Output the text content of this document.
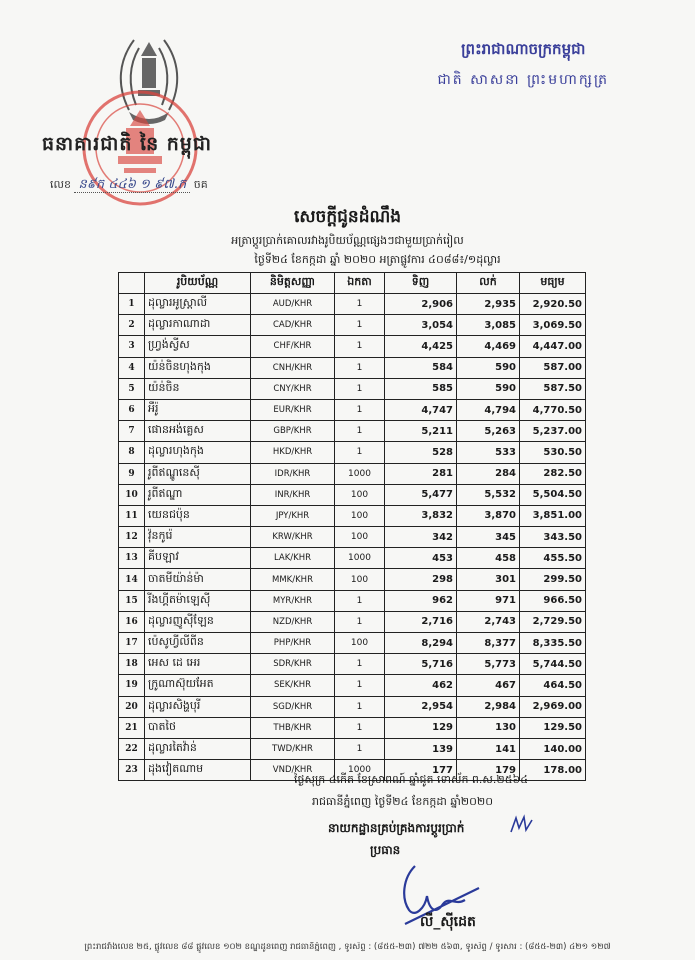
ធនាគារជាតិ នៃ កម្ពុជា
លេខ ន៩ក ៤៤៦ ១ ៩៧.ក ចគ
ព្រះរាជាណាចក្រកម្ពុជា
ជាតិ សាសនា ព្រះមហាក្សត្រ
សេចក្តីជូនដំណឹង
អត្រាប្តូរប្រាក់គោលរវាងរូបិយប័ណ្ណផ្សេងៗជាមួយប្រាក់រៀល
ថ្ងៃទី២៤ ខែកក្កដា ឆ្នាំ ២០២០ អត្រាផ្លូវការ ៤០៨៨៖/១ដុល្លារ
	រូបិយប័ណ្ណ	និមិត្តសញ្ញា	ឯកតា	ទិញ	លក់	មធ្យម
1	ដុល្លារអូស្ត្រាលី	AUD/KHR	1	2,906	2,935	2,920.50
2	ដុល្លារកាណាដា	CAD/KHR	1	3,054	3,085	3,069.50
3	ហ្វ្រង់ស្វីស	CHF/KHR	1	4,425	4,469	4,447.00
4	យ៉ន់ចិនហុងកុង	CNH/KHR	1	584	590	587.00
5	យ៉ន់ចិន	CNY/KHR	1	585	590	587.50
6	អឺរ៉ូ	EUR/KHR	1	4,747	4,794	4,770.50
7	ផោនអង់គ្លេស	GBP/KHR	1	5,211	5,263	5,237.00
8	ដុល្លារហុងកុង	HKD/KHR	1	528	533	530.50
9	រូពីឥណ្ឌូនេស៊ី	IDR/KHR	1000	281	284	282.50
10	រូពីឥណ្ឌា	INR/KHR	100	5,477	5,532	5,504.50
11	យេនជប៉ុន	JPY/KHR	100	3,832	3,870	3,851.00
12	វ៉ុនកូរ៉េ	KRW/KHR	100	342	345	343.50
13	គីបឡាវ	LAK/KHR	1000	453	458	455.50
14	ចាតមីយ៉ាន់ម៉ា	MMK/KHR	100	298	301	299.50
15	រីងហ្គីតម៉ាឡេស៊ី	MYR/KHR	1	962	971	966.50
16	ដុល្លារញូស៊ីឡែន	NZD/KHR	1	2,716	2,743	2,729.50
17	ប៉េសូហ្វីលីពីន	PHP/KHR	100	8,294	8,377	8,335.50
18	អេស ដេ អេរ	SDR/KHR	1	5,716	5,773	5,744.50
19	ក្រូណាស៊ុយអែត	SEK/KHR	1	462	467	464.50
20	ដុល្លារសិង្ហបុរី	SGD/KHR	1	2,954	2,984	2,969.00
21	បាតថៃ	THB/KHR	1	129	130	129.50
22	ដុល្លារតៃវ៉ាន់	TWD/KHR	1	139	141	140.00
23	ដុងវៀតណាម	VND/KHR	1000	177	179	178.00
ថ្ងៃសុក្រ ៤កើត ខែស្រាពណ៍ ឆ្នាំជូត ទោស័ក ព.ស.២៥៦៤
រាជធានីភ្នំពេញ ថ្ងៃទី២៤ ខែកក្កដា ឆ្នាំ២០២០
នាយកដ្ឋានគ្រប់គ្រងការប្តូរប្រាក់
ប្រធាន
លី_ស៊ីដេត
ព្រះរាជវាំងលេខ ២៥, ផ្លូវលេខ ៨៨ ផ្លូវលេខ ១០២ ខណ្ឌដូនពេញ រាជធានីភ្នំពេញ , ទូរស័ព្ទ : (៨៥៥-២៣) ៧២២ ៥៦៣, ទូរស័ព្ទ / ទូរសារ : (៨៥៥-២៣) ៤២១ ១២៧
